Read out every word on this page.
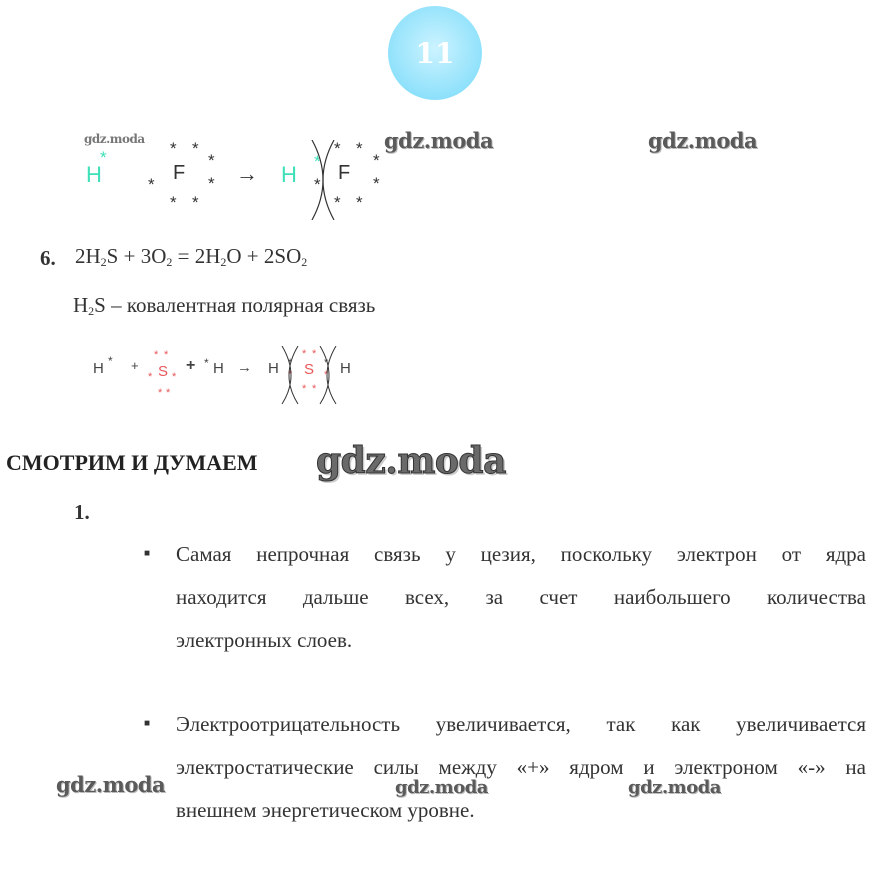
11
gdz.moda	gdz.moda	gdz.moda
gdz.moda
gdz.moda	gdz.moda	gdz.moda
H
*
F
* *
*
*
*
* *
→ H
*
*
F
* *
*
*
* *
6. $2H_2S + 3O_2 = 2H_2O + 2SO_2$
$H_2S$ – ковалентная полярная связь
H * + S
* *
* *
* *
+ * H → H *
* S
* *
* *
*
* H
СМОТРИМ И ДУМАЕМ
1.
■ Самая непрочная связь у цезия, поскольку электрон от ядра
находится дальше всех, за счет наибольшего количества
электронных слоев.
■ Электроотрицательность увеличивается, так как увеличивается
электростатические силы между «+» ядром и электроном «-» на
внешнем энергетическом уровне.
